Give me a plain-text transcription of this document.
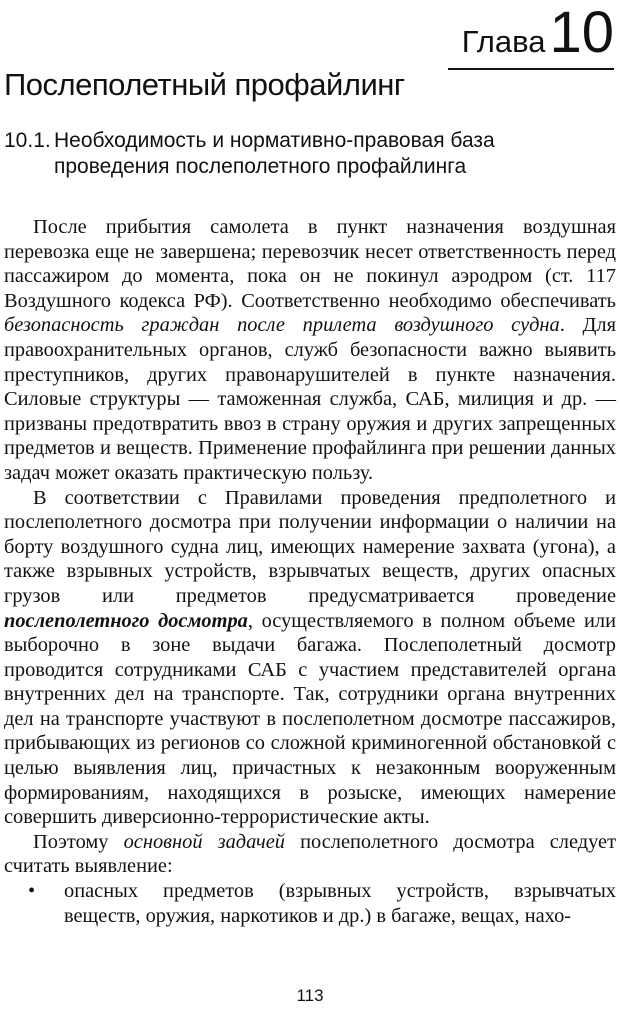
Глава10
Послеполетный профайлинг
10.1. Необходимость и нормативно-правовая база проведения послеполетного профайлинга

После прибытия самолета в пункт назначения воздушная перевозка еще не завершена; перевозчик несет ответственность перед пассажиром до момента, пока он не покинул аэродром (ст. 117 Воздушного кодекса РФ). Соответственно необходимо обеспечивать безопасность граждан после прилета воздушного судна. Для правоохранительных органов, служб безопасности важно выявить преступников, других правонарушителей в пункте назначения. Силовые структуры — таможенная служба, САБ, милиция и др. — призваны предотвратить ввоз в страну оружия и других запрещенных предметов и веществ. Применение профайлинга при решении данных задач может оказать практическую пользу.

В соответствии с Правилами проведения предполетного и послеполетного досмотра при получении информации о наличии на борту воздушного судна лиц, имеющих намерение захвата (угона), а также взрывных устройств, взрывчатых веществ, других опасных грузов или предметов предусматривается проведение послеполетного досмотра, осуществляемого в полном объеме или выборочно в зоне выдачи багажа. Послеполетный досмотр проводится сотрудниками САБ с участием представителей органа внутренних дел на транспорте. Так, сотрудники органа внутренних дел на транспорте участвуют в послеполетном досмотре пассажиров, прибывающих из регионов со сложной криминогенной обстановкой с целью выявления лиц, причастных к незаконным вооруженным формированиям, находящихся в розыске, имеющих намерение совершить диверсионно-террористические акты.

Поэтому основной задачей послеполетного досмотра следует считать выявление:

•	опасных предметов (взрывных устройств, взрывчатых веществ, оружия, наркотиков и др.) в багаже, вещах, нахо-
113
